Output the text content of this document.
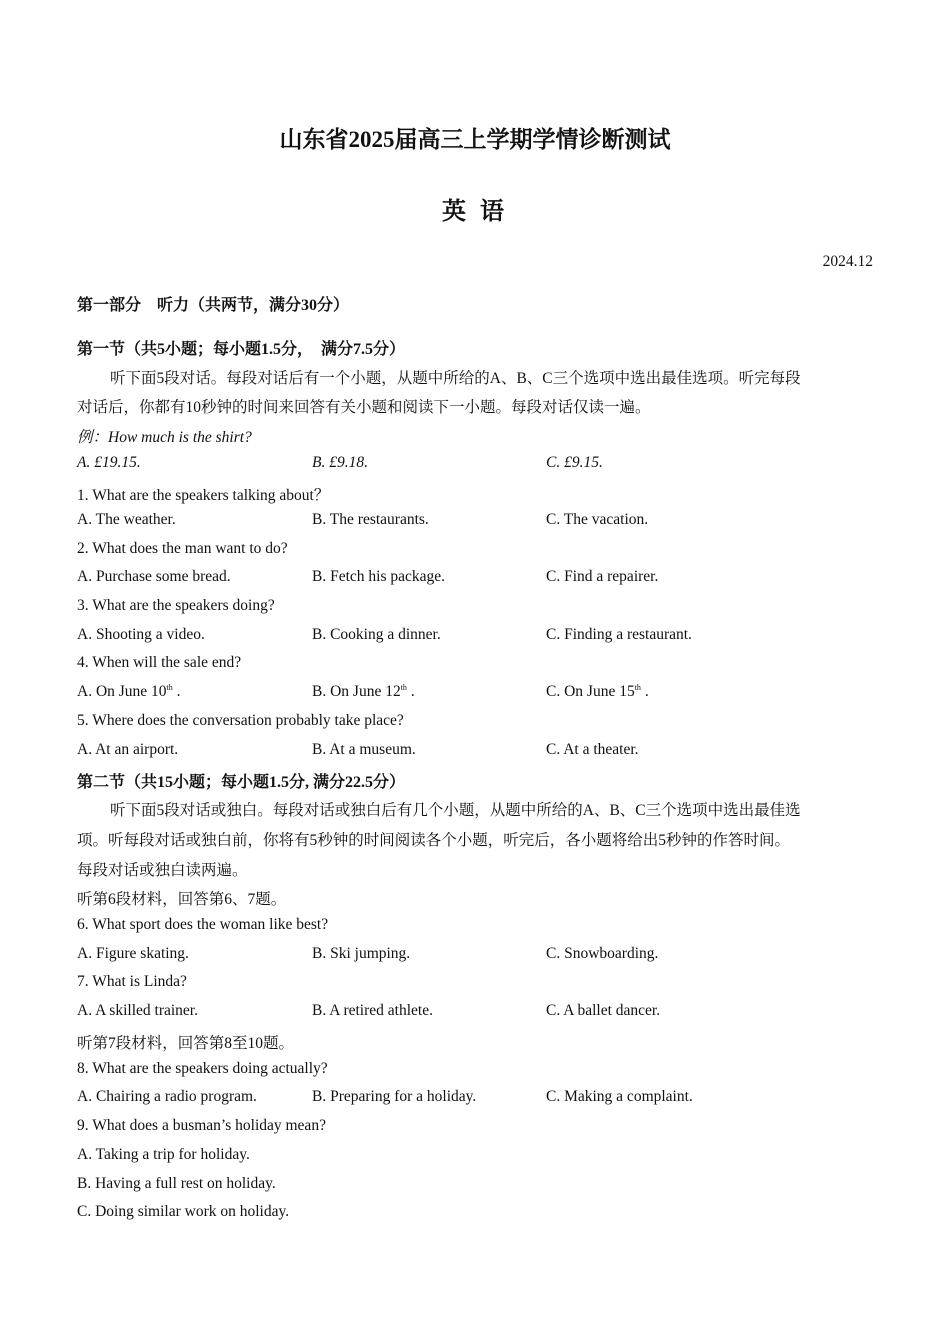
山东省2025届高三上学期学情诊断测试
英 语
2024.12
第一部分　听力（共两节，满分30分）
第一节（共5小题；每小题1.5分，　满分7.5分）
听下面5段对话。每段对话后有一个小题，从题中所给的A、B、C三个选项中选出最佳选项。听完每段
对话后，你都有10秒钟的时间来回答有关小题和阅读下一小题。每段对话仅读一遍。
例：How much is the shirt?
A. £19.15.	B. £9.18.	C. £9.15.
1. What are the speakers talking about？
A. The weather.	B. The restaurants.	C. The vacation.
2. What does the man want to do?
A. Purchase some bread.	B. Fetch his package.	C. Find a repairer.
3. What are the speakers doing?
A. Shooting a video.	B. Cooking a dinner.	C. Finding a restaurant.
4. When will the sale end?
A. On June 10th .	B. On June 12th .	C. On June 15th .
5. Where does the conversation probably take place?
A. At an airport.	B. At a museum.	C. At a theater.
第二节（共15小题；每小题1.5分, 满分22.5分）
听下面5段对话或独白。每段对话或独白后有几个小题，从题中所给的A、B、C三个选项中选出最佳选
项。听每段对话或独白前，你将有5秒钟的时间阅读各个小题，听完后，各小题将给出5秒钟的作答时间。
每段对话或独白读两遍。
听第6段材料，回答第6、7题。
6. What sport does the woman like best?
A. Figure skating.	B. Ski jumping.	C. Snowboarding.
7. What is Linda?
A. A skilled trainer.	B. A retired athlete.	C. A ballet dancer.
听第7段材料，回答第8至10题。
8. What are the speakers doing actually?
A. Chairing a radio program.	B. Preparing for a holiday.	C. Making a complaint.
9. What does a busman’s holiday mean?
A. Taking a trip for holiday.
B. Having a full rest on holiday.
C. Doing similar work on holiday.
